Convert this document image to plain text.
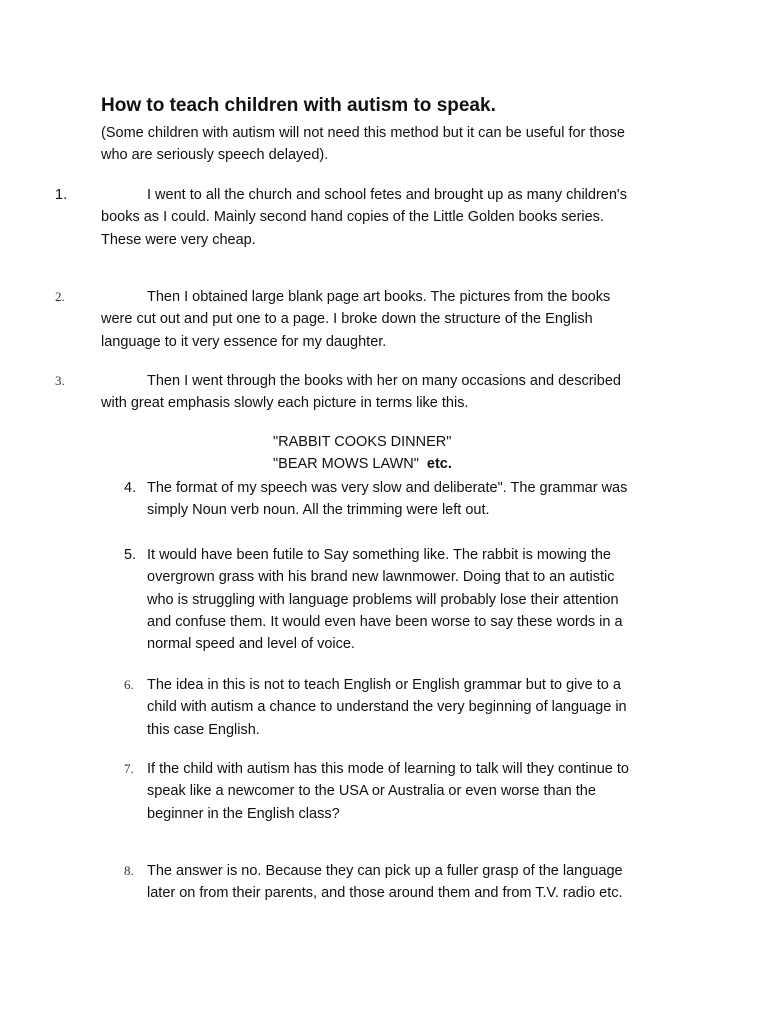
How to teach children with autism to speak.
(Some children with autism will not need this method but it can be useful for those
who are seriously speech delayed).
1.	I went to all the church and school fetes and brought up as many children's
books as I could. Mainly second hand copies of the Little Golden books series.
These were very cheap.
2.	Then I obtained large blank page art books. The pictures from the books
were cut out and put one to a page. I broke down the structure of the English
language to it very essence for my daughter.
3.	Then I went through the books with her on many occasions and described
with great emphasis slowly each picture in terms like this.
"RABBIT COOKS DINNER"
"BEAR MOWS LAWN" etc.
4. The format of my speech was very slow and deliberate". The grammar was
simply Noun verb noun. All the trimming were left out.
5. It would have been futile to Say something like. The rabbit is mowing the
overgrown grass with his brand new lawnmower. Doing that to an autistic
who is struggling with language problems will probably lose their attention
and confuse them. It would even have been worse to say these words in a
normal speed and level of voice.
6. The idea in this is not to teach English or English grammar but to give to a
child with autism a chance to understand the very beginning of language in
this case English.
7. If the child with autism has this mode of learning to talk will they continue to
speak like a newcomer to the USA or Australia or even worse than the
beginner in the English class?
8. The answer is no. Because they can pick up a fuller grasp of the language
later on from their parents, and those around them and from T.V. radio etc.
